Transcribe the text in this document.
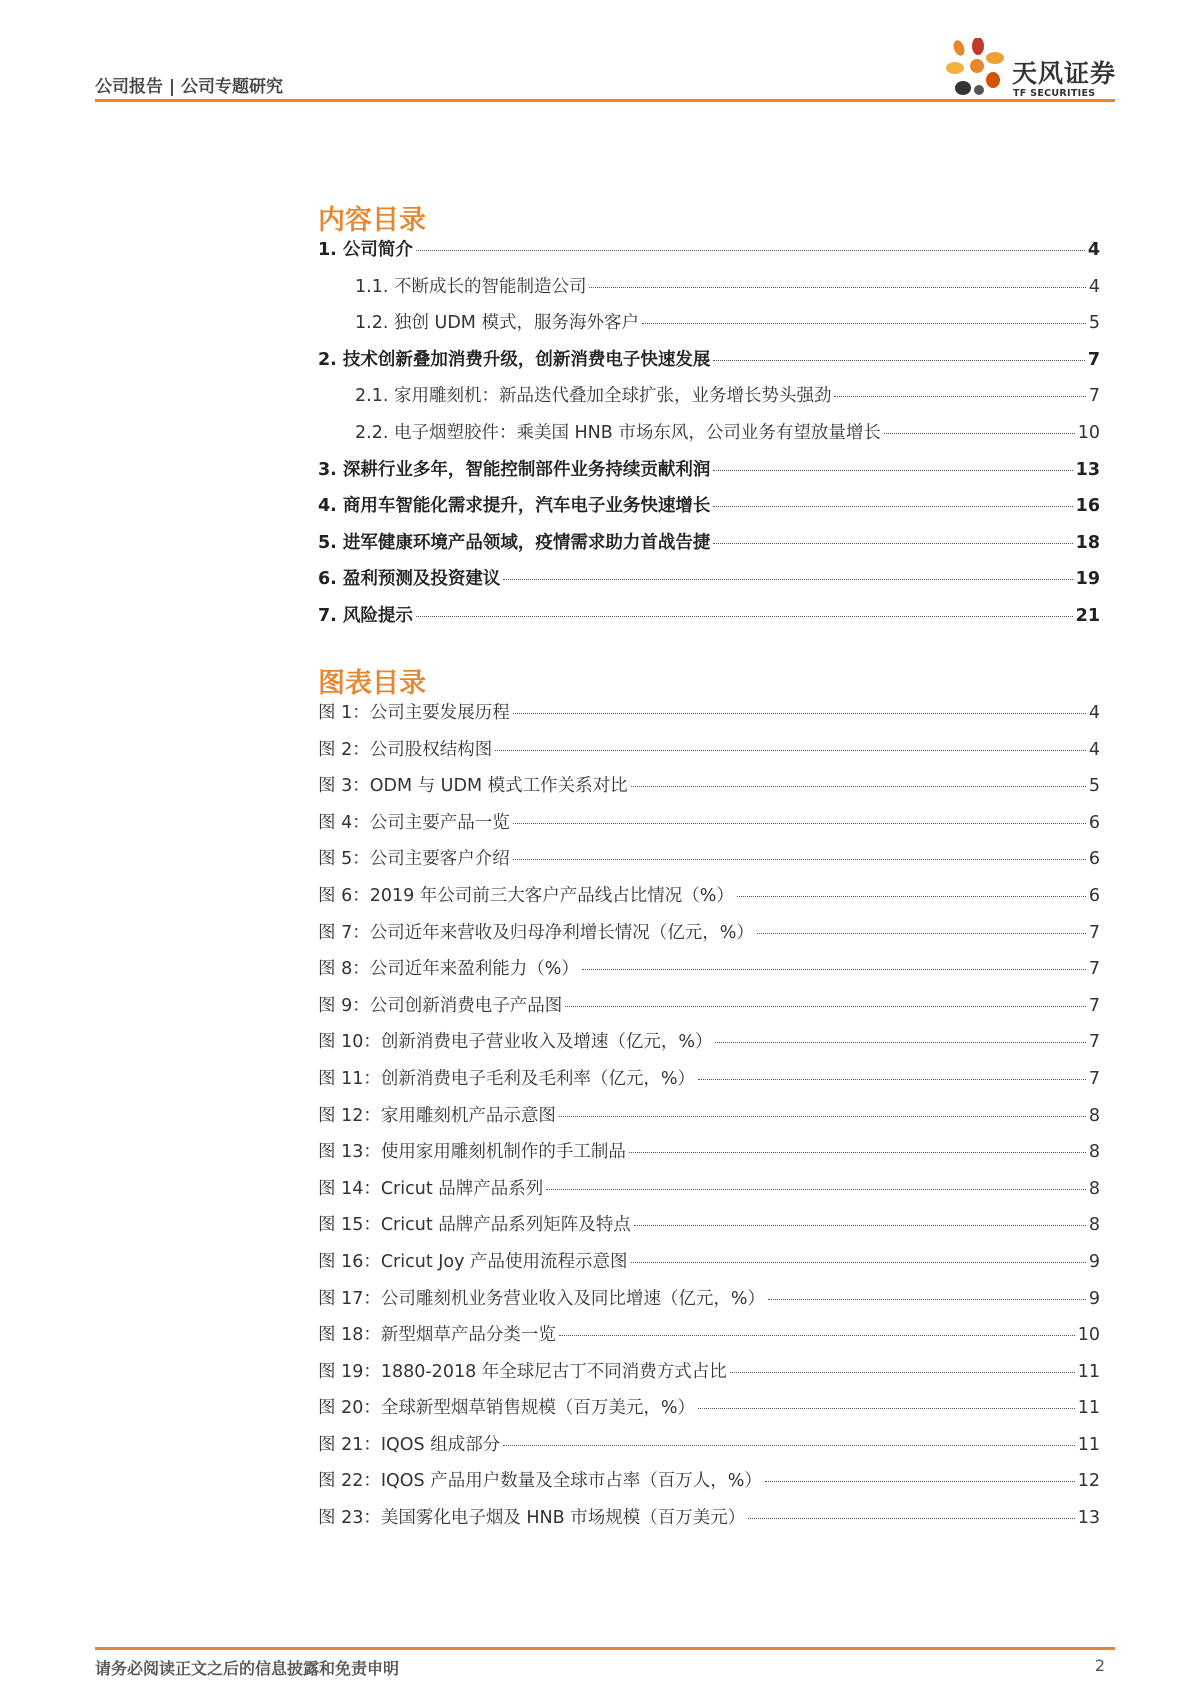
公司报告 | 公司专题研究	天风证券
TF SECURITIES
内容目录
1. 公司简介	4
1.1. 不断成长的智能制造公司	4
1.2. 独创 UDM 模式，服务海外客户	5
2. 技术创新叠加消费升级，创新消费电子快速发展	7
2.1. 家用雕刻机：新品迭代叠加全球扩张，业务增长势头强劲	7
2.2. 电子烟塑胶件：乘美国 HNB 市场东风，公司业务有望放量增长	10
3. 深耕行业多年，智能控制部件业务持续贡献利润	13
4. 商用车智能化需求提升，汽车电子业务快速增长	16
5. 进军健康环境产品领域，疫情需求助力首战告捷	18
6. 盈利预测及投资建议	19
7. 风险提示	21
图表目录
图 1：公司主要发展历程	4
图 2：公司股权结构图	4
图 3：ODM 与 UDM 模式工作关系对比	5
图 4：公司主要产品一览	6
图 5：公司主要客户介绍	6
图 6：2019 年公司前三大客户产品线占比情况（%）	6
图 7：公司近年来营收及归母净利增长情况（亿元，%）	7
图 8：公司近年来盈利能力（%）	7
图 9：公司创新消费电子产品图	7
图 10：创新消费电子营业收入及增速（亿元，%）	7
图 11：创新消费电子毛利及毛利率（亿元，%）	7
图 12：家用雕刻机产品示意图	8
图 13：使用家用雕刻机制作的手工制品	8
图 14：Cricut 品牌产品系列	8
图 15：Cricut 品牌产品系列矩阵及特点	8
图 16：Cricut Joy 产品使用流程示意图	9
图 17：公司雕刻机业务营业收入及同比增速（亿元，%）	9
图 18：新型烟草产品分类一览	10
图 19：1880-2018 年全球尼古丁不同消费方式占比	11
图 20：全球新型烟草销售规模（百万美元，%）	11
图 21：IQOS 组成部分	11
图 22：IQOS 产品用户数量及全球市占率（百万人，%）	12
图 23：美国雾化电子烟及 HNB 市场规模（百万美元）	13
请务必阅读正文之后的信息披露和免责申明	2
